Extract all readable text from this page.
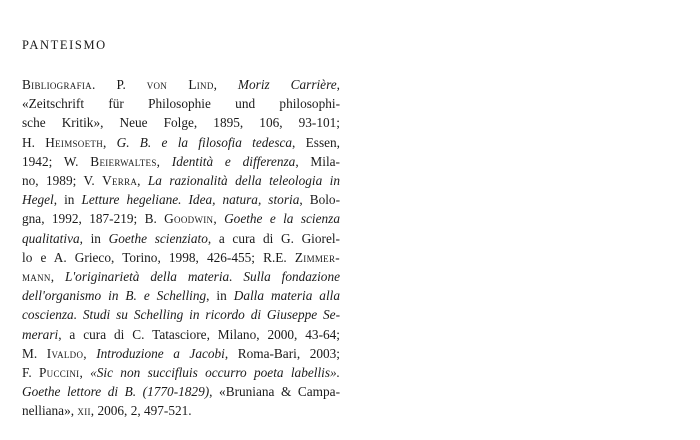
PANTEISMO
Bibliografia. P. von Lind, Moriz Carrière,
«Zeitschrift für Philosophie und philosophi-
sche Kritik», Neue Folge, 1895, 106, 93-101;
H. Heimsoeth, G. B. e la filosofia tedesca, Essen,
1942; W. Beierwaltes, Identità e differenza, Mila-
no, 1989; V. Verra, La razionalità della teleologia in
Hegel, in Letture hegeliane. Idea, natura, storia, Bolo-
gna, 1992, 187-219; B. Goodwin, Goethe e la scienza
qualitativa, in Goethe scienziato, a cura di G. Giorel-
lo e A. Grieco, Torino, 1998, 426-455; R.E. Zimmer-
mann, L'originarietà della materia. Sulla fondazione
dell'organismo in B. e Schelling, in Dalla materia alla
coscienza. Studi su Schelling in ricordo di Giuseppe Se-
merari, a cura di C. Tatasciore, Milano, 2000, 43-64;
M. Ivaldo, Introduzione a Jacobi, Roma-Bari, 2003;
F. Puccini, «Sic non succifluis occurro poeta labellis».
Goethe lettore di B. (1770-1829), «Bruniana & Campa-
nelliana», xii, 2006, 2, 497-521.
